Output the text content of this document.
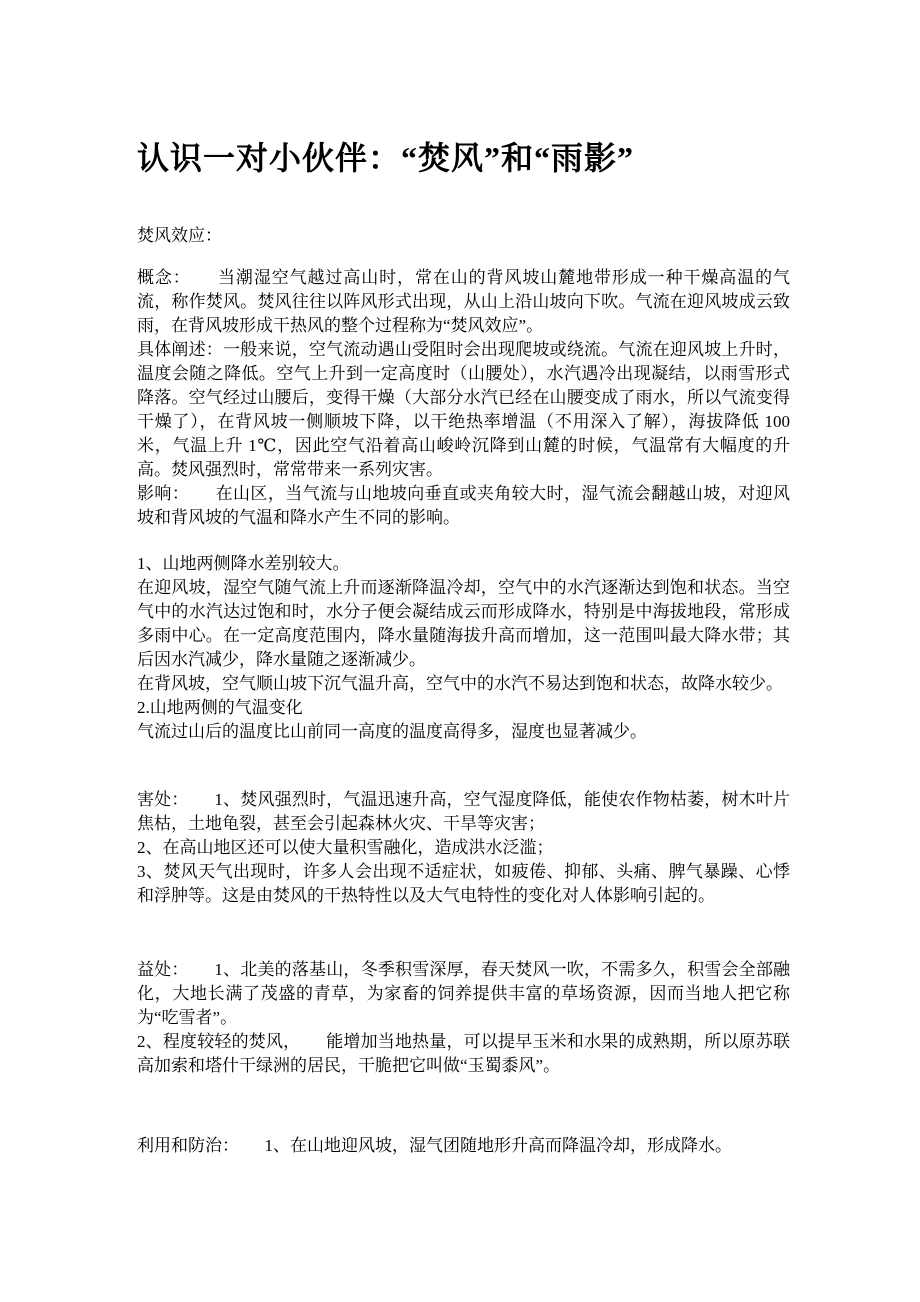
认识一对小伙伴：“焚风”和“雨影”

焚风效应：

概念：　　当潮湿空气越过高山时，常在山的背风坡山麓地带形成一种干燥高温的气流，称作焚风。焚风往往以阵风形式出现，从山上沿山坡向下吹。气流在迎风坡成云致雨，在背风坡形成干热风的整个过程称为“焚风效应”。

具体阐述：一般来说，空气流动遇山受阻时会出现爬坡或绕流。气流在迎风坡上升时，温度会随之降低。空气上升到一定高度时（山腰处），水汽遇冷出现凝结，以雨雪形式降落。空气经过山腰后，变得干燥（大部分水汽已经在山腰变成了雨水，所以气流变得干燥了），在背风坡一侧顺坡下降，以干绝热率增温（不用深入了解），海拔降低 100 米，气温上升 1℃，因此空气沿着高山峻岭沉降到山麓的时候，气温常有大幅度的升高。焚风强烈时，常常带来一系列灾害。

影响：　　在山区，当气流与山地坡向垂直或夹角较大时，湿气流会翻越山坡，对迎风坡和背风坡的气温和降水产生不同的影响。

1、山地两侧降水差别较大。

在迎风坡，湿空气随气流上升而逐渐降温冷却，空气中的水汽逐渐达到饱和状态。当空气中的水汽达过饱和时，水分子便会凝结成云而形成降水，特别是中海拔地段，常形成多雨中心。在一定高度范围内，降水量随海拔升高而增加，这一范围叫最大降水带；其后因水汽减少，降水量随之逐渐减少。

在背风坡，空气顺山坡下沉气温升高，空气中的水汽不易达到饱和状态，故降水较少。

2.山地两侧的气温变化

气流过山后的温度比山前同一高度的温度高得多，湿度也显著减少。

害处：　　1、焚风强烈时，气温迅速升高，空气湿度降低，能使农作物枯萎，树木叶片焦枯，土地龟裂，甚至会引起森林火灾、干旱等灾害；

2、在高山地区还可以使大量积雪融化，造成洪水泛滥；

3、焚风天气出现时，许多人会出现不适症状，如疲倦、抑郁、头痛、脾气暴躁、心悸和浮肿等。这是由焚风的干热特性以及大气电特性的变化对人体影响引起的。

益处：　　1、北美的落基山，冬季积雪深厚，春天焚风一吹，不需多久，积雪会全部融化，大地长满了茂盛的青草，为家畜的饲养提供丰富的草场资源，因而当地人把它称为“吃雪者”。

2、程度较轻的焚风，　　能增加当地热量，可以提早玉米和水果的成熟期，所以原苏联高加索和塔什干绿洲的居民，干脆把它叫做“玉蜀黍风”。

利用和防治：　　1、在山地迎风坡，湿气团随地形升高而降温冷却，形成降水。
